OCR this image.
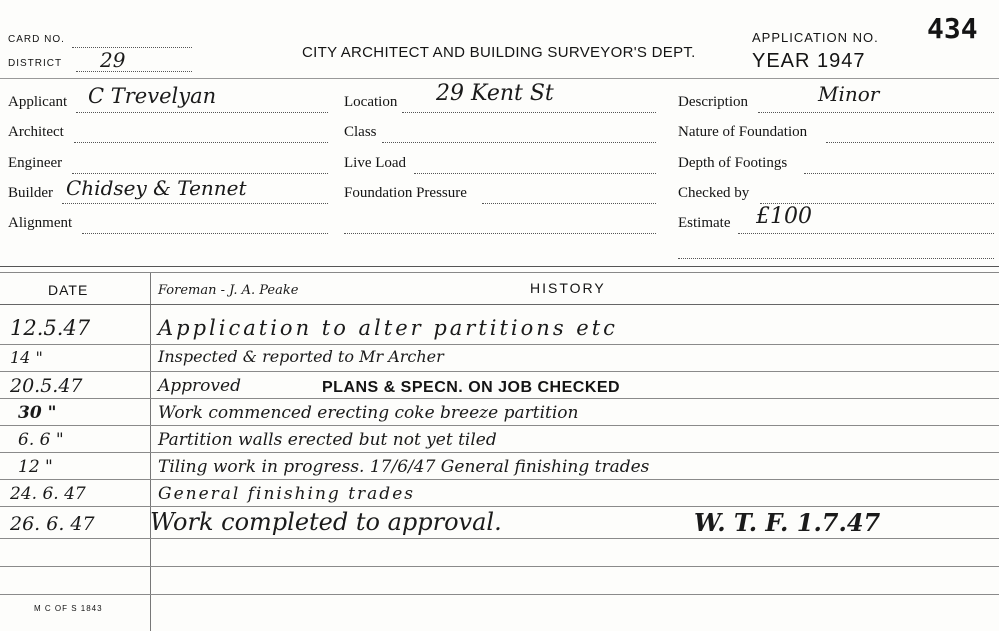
CARD NO.
DISTRICT 29	CITY ARCHITECT AND BUILDING SURVEYOR'S DEPT.
APPLICATION NO. 434
YEAR 1947
Applicant C Trevelyan
Architect
Engineer
Builder Chidsey & Tennet
Alignment
Location 29 Kent St
Class
Live Load
Foundation Pressure
Description	Minor
Nature of Foundation
Depth of Footings
Checked by
Estimate £100
DATE	HISTORY
Foreman - J. A. Peake
12.5.47	Application to alter partitions etc
14 "	Inspected & reported to Mr Archer
20.5.47	Approved	PLANS & SPECN. ON JOB CHECKED
30 "	Work commenced erecting coke breeze partition
6. 6 "	Partition walls erected but not yet tiled
12 "	Tiling work in progress. 17/6/47 General finishing trades
24. 6. 47	General finishing trades
26. 6. 47 Work completed to approval.	W. T. F. 1.7.47
M C OF S 1843
